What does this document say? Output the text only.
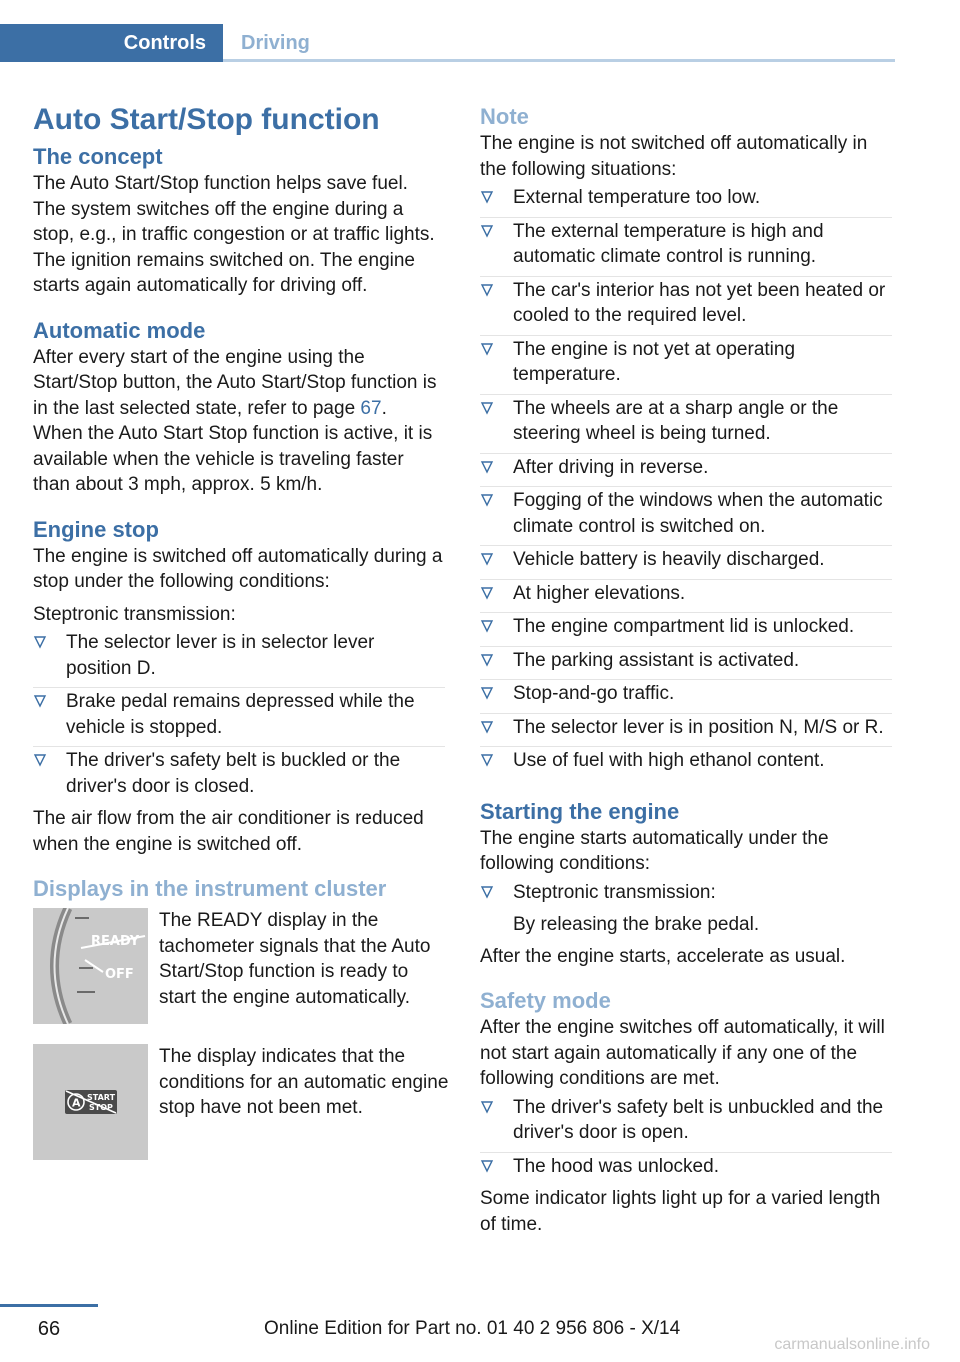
Controls	Driving
Auto Start/Stop function
The concept

The Auto Start/Stop function helps save fuel. The system switches off the engine during a stop, e.g., in traffic congestion or at traffic lights. The ignition remains switched on. The engine starts again automatically for driving off.

Automatic mode

After every start of the engine using the Start/Stop button, the Auto Start/Stop function is in the last selected state, refer to page 67.

When the Auto Start Stop function is active, it is available when the vehicle is traveling faster than about 3 mph, approx. 5 km/h.

Engine stop

The engine is switched off automatically during a stop under the following conditions:

Steptronic transmission:

The selector lever is in selector lever position D.
Brake pedal remains depressed while the vehicle is stopped.
The driver's safety belt is buckled or the driver's door is closed.

The air flow from the air conditioner is reduced when the engine is switched off.

Displays in the instrument cluster
READY
OFF
The READY display in the tachometer signals that the Auto Start/Stop function is ready to start the engine automatically.
A START
STOP
The display indicates that the conditions for an automatic engine stop have not been met.
Note

The engine is not switched off automatically in the following situations:

External temperature too low.
The external temperature is high and automatic climate control is running.
The car's interior has not yet been heated or cooled to the required level.
The engine is not yet at operating temperature.
The wheels are at a sharp angle or the steering wheel is being turned.
After driving in reverse.
Fogging of the windows when the automatic climate control is switched on.
Vehicle battery is heavily discharged.
At higher elevations.
The engine compartment lid is unlocked.
The parking assistant is activated.
Stop-and-go traffic.
The selector lever is in position N, M/S or R.
Use of fuel with high ethanol content.
Starting the engine

The engine starts automatically under the following conditions:

Steptronic transmission:
By releasing the brake pedal.

After the engine starts, accelerate as usual.

Safety mode

After the engine switches off automatically, it will not start again automatically if any one of the following conditions are met.

The driver's safety belt is unbuckled and the driver's door is open.
The hood was unlocked.

Some indicator lights light up for a varied length of time.

66	Online Edition for Part no. 01 40 2 956 806 - X/14
carmanualsonline.info
